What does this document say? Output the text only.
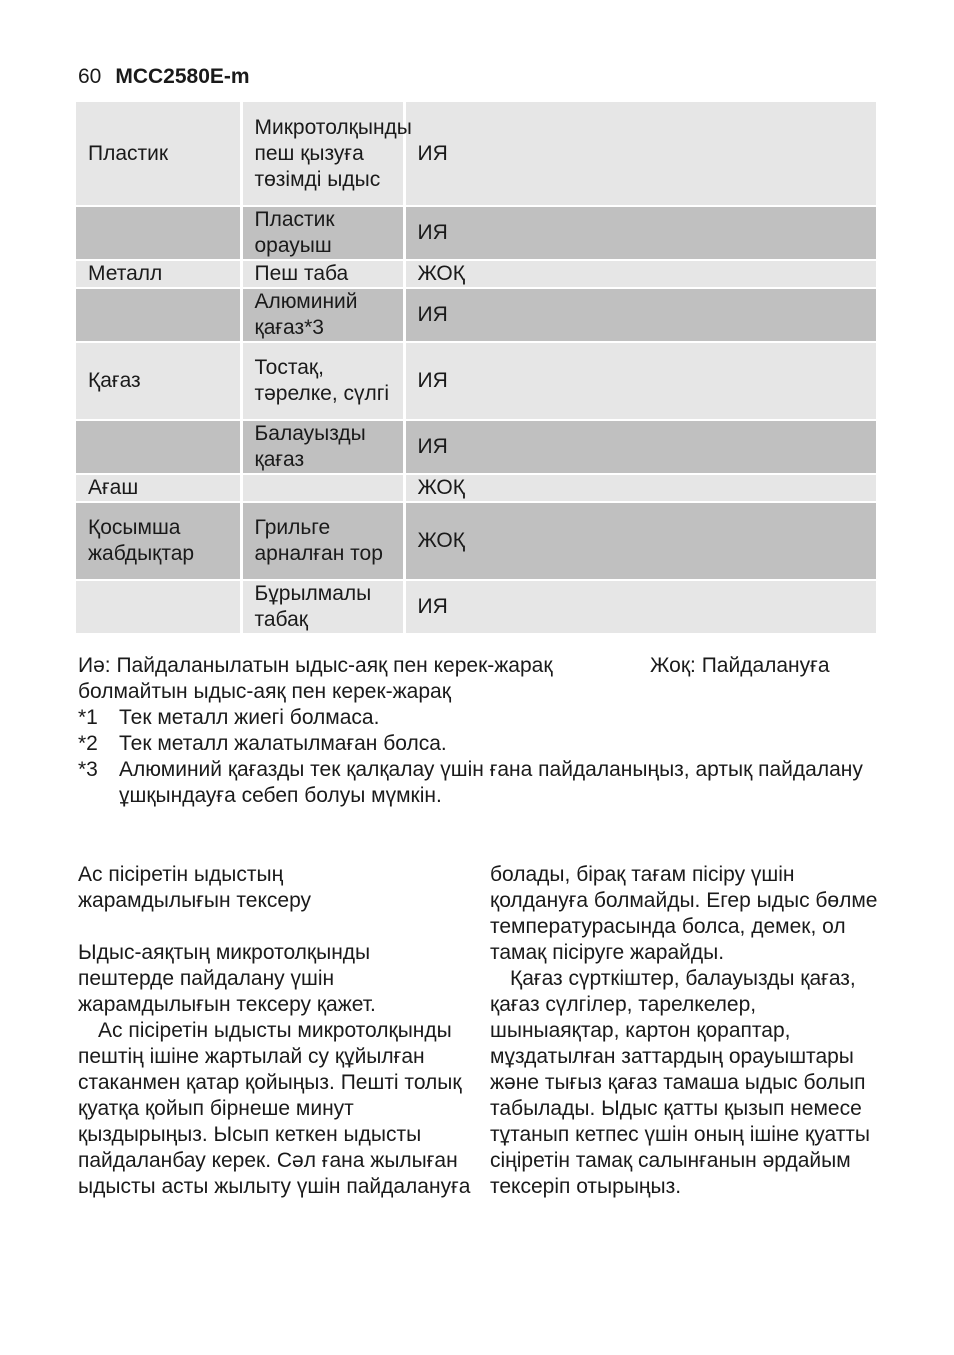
60 MCC2580E-m
Пластик	Микротолқынды пеш қызуға төзімді ыдыс	ИЯ
	Пластик орауыш	ИЯ
Металл	Пеш таба	ЖОҚ
	Алюминий қағаз*3	ИЯ
Қағаз	Тостақ, тәрелке, сүлгі	ИЯ
	Балауызды қағаз	ИЯ
Ағаш		ЖОҚ
Қосымша жабдықтар	Грильге арналған тор	ЖОҚ
	Бұрылмалы табақ	ИЯ
Иә: Пайдаланылатын ыдыс-аяқ пен керек-жарақ	Жоқ: Пайдалануға
болмайтын ыдыс-аяқ пен керек-жарақ
*1	Тек металл жиегі болмаса.
*2	Тек металл жалатылмаған болса.
*3	Алюминий қағазды тек қалқалау үшін ғана пайдаланыңыз, артық пайдалану ұшқындауға себеп болуы мүмкін.

Ас пісіретін ыдыстың жарамдылығын тексеру

Ыдыс-аяқтың микротолқынды пештерде пайдалану үшін жарамдылығын тексеру қажет.

Ас пісіретін ыдысты микротолқынды пештің ішіне жартылай су құйылған стаканмен қатар қойыңыз. Пешті толық қуатқа қойып бірнеше минут қыздырыңыз. Ысып кеткен ыдысты пайдаланбау керек. Сәл ғана жылыған ыдысты асты жылыту үшін пайдалануға

болады, бірақ тағам пісіру үшін қолдануға болмайды. Егер ыдыс бөлме температурасында болса, демек, ол тамақ пісіруге жарайды.

Қағаз сүрткіштер, балауызды қағаз, қағаз сүлгілер, тарелкелер, шыныаяқтар, картон қораптар, мұздатылған заттардың орауыштары және тығыз қағаз тамаша ыдыс болып табылады. Ыдыс қатты қызып немесе тұтанып кетпес үшін оның ішіне қуатты сіңіретін тамақ салынғанын әрдайым тексеріп отырыңыз.
